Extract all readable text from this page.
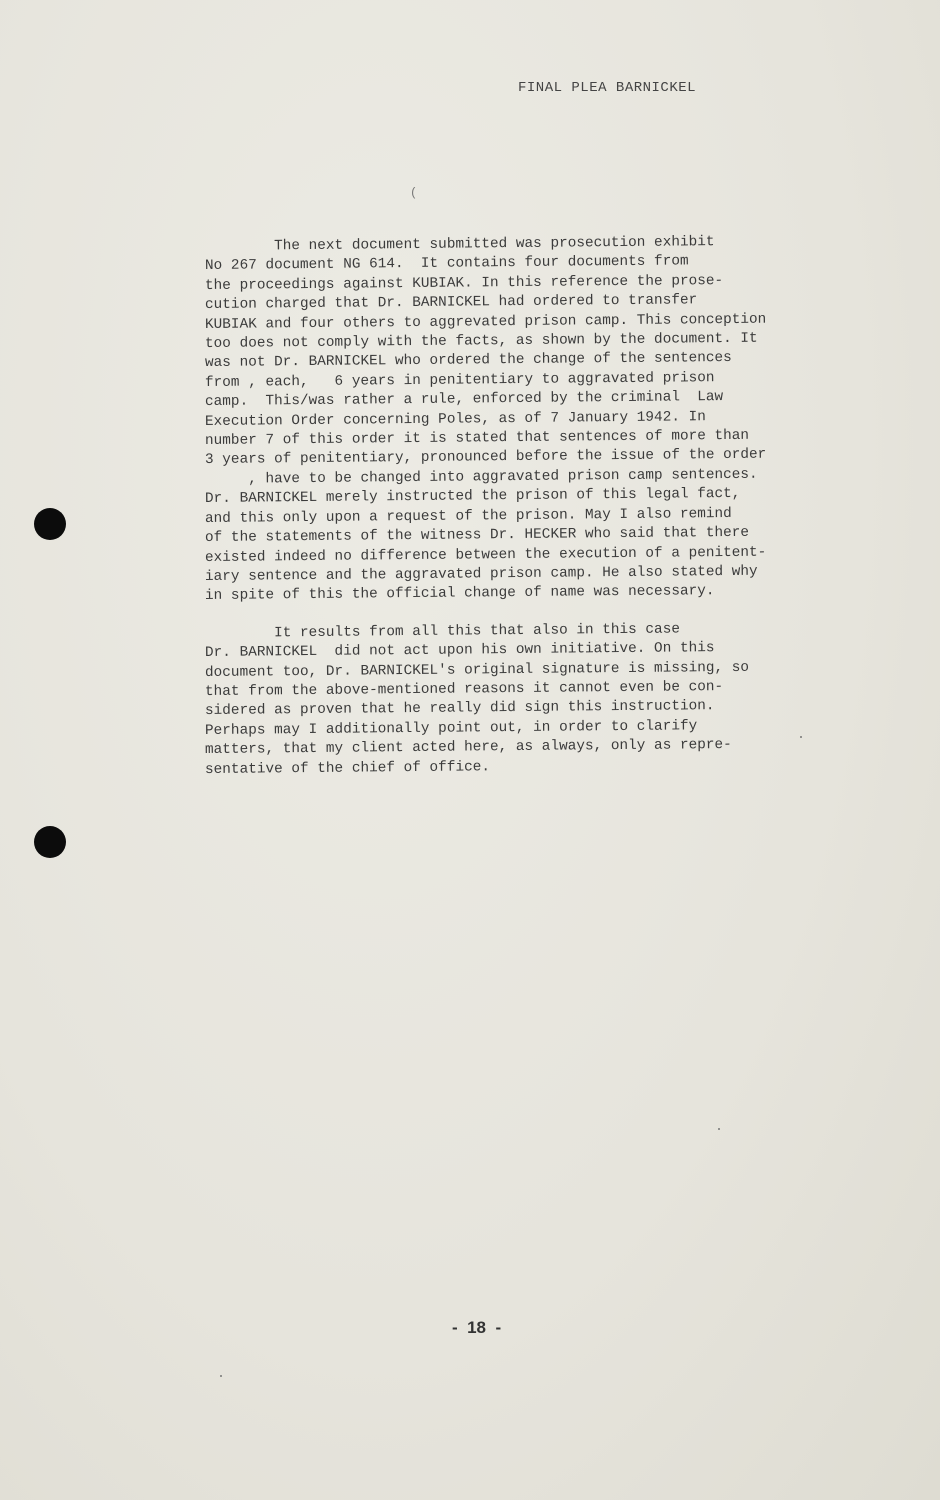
FINAL PLEA BARNICKEL
(
The next document submitted was prosecution exhibit
No 267 document NG 614.  It contains four documents from
the proceedings against KUBIAK. In this reference the prose-
cution charged that Dr. BARNICKEL had ordered to transfer
KUBIAK and four others to aggrevated prison camp. This conception
too does not comply with the facts, as shown by the document. It
was not Dr. BARNICKEL who ordered the change of the sentences
from , each,   6 years in penitentiary to aggravated prison
camp.  This/was rather a rule, enforced by the criminal  Law
Execution Order concerning Poles, as of 7 January 1942. In
number 7 of this order it is stated that sentences of more than
3 years of penitentiary, pronounced before the issue of the order
, have to be changed into aggravated prison camp sentences.
Dr. BARNICKEL merely instructed the prison of this legal fact,
and this only upon a request of the prison. May I also remind
of the statements of the witness Dr. HECKER who said that there
existed indeed no difference between the execution of a penitent-
iary sentence and the aggravated prison camp. He also stated why
in spite of this the official change of name was necessary.
It results from all this that also in this case
Dr. BARNICKEL  did not act upon his own initiative. On this
document too, Dr. BARNICKEL's original signature is missing, so
that from the above-mentioned reasons it cannot even be con-
sidered as proven that he really did sign this instruction.
Perhaps may I additionally point out, in order to clarify
matters, that my client acted here, as always, only as repre-
sentative of the chief of office.
-  18  -
